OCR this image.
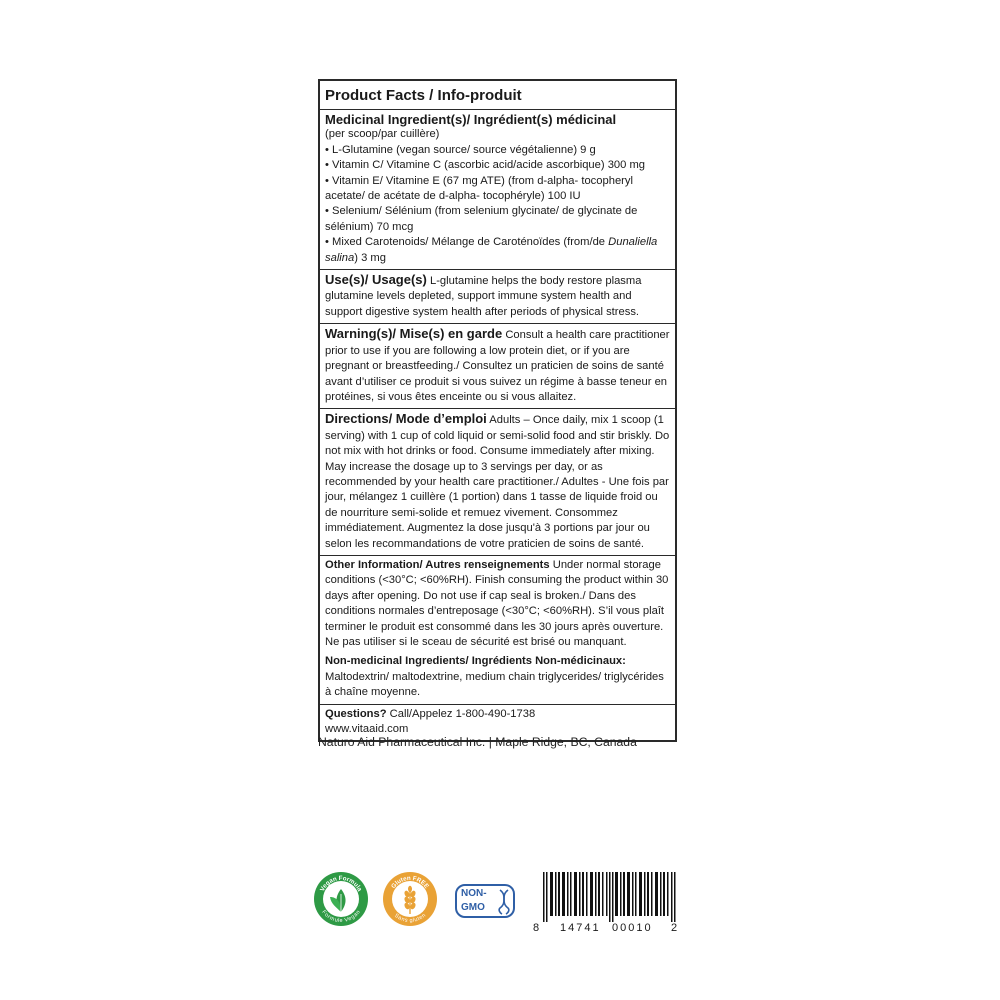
Product Facts / Info-produit
Medicinal Ingredient(s)/ Ingrédient(s) médicinal
(per scoop/par cuillère)
• L-Glutamine (vegan source/ source végétalienne) 9 g
• Vitamin C/ Vitamine C (ascorbic acid/acide ascorbique) 300 mg
• Vitamin E/ Vitamine E (67 mg ATE) (from d-alpha- tocopheryl
acetate/ de acétate de d-alpha- tocophéryle) 100 IU
• Selenium/ Sélénium (from selenium glycinate/ de glycinate de
sélénium) 70 mcg
• Mixed Carotenoids/ Mélange de Caroténoïdes (from/de Dunaliella
salina) 3 mg
Use(s)/ Usage(s) L-glutamine helps the body restore plasma glutamine levels depleted, support immune system health and support digestive system health after periods of physical stress.
Warning(s)/ Mise(s) en garde Consult a health care practitioner prior to use if you are following a low protein diet, or if you are pregnant or breastfeeding./ Consultez un praticien de soins de santé avant d’utiliser ce produit si vous suivez un régime à basse teneur en protéines, si vous êtes enceinte ou si vous allaitez.
Directions/ Mode d’emploi Adults – Once daily, mix 1 scoop (1 serving) with 1 cup of cold liquid or semi-solid food and stir briskly. Do not mix with hot drinks or food. Consume immediately after mixing. May increase the dosage up to 3 servings per day, or as recommended by your health care practitioner./ Adultes - Une fois par jour, mélangez 1 cuillère (1 portion) dans 1 tasse de liquide froid ou de nourriture semi-solide et remuez vivement. Consommez immédiatement. Augmentez la dose jusqu'à 3 portions par jour ou selon les recommandations de votre praticien de soins de santé.
Other Information/ Autres renseignements Under normal storage conditions (<30°C; <60%RH). Finish consuming the product within 30 days after opening. Do not use if cap seal is broken./ Dans des conditions normales d’entreposage (<30°C; <60%RH). S’il vous plaît terminer le produit est consommé dans les 30 jours après ouverture. Ne pas utiliser si le sceau de sécurité est brisé ou manquant.
Non-medicinal Ingredients/ Ingrédients Non-médicinaux:
Maltodextrin/ maltodextrine, medium chain triglycerides/ triglycérides à chaîne moyenne.
Questions? Call/Appelez 1-800-490-1738
www.vitaaid.com
Naturo Aid Pharmaceutical Inc. | Maple Ridge, BC, Canada
Vegan Formula
Formule Vegan
Gluten FREE
Sans gluten
NON-
GMO
8 14741 00010 2
